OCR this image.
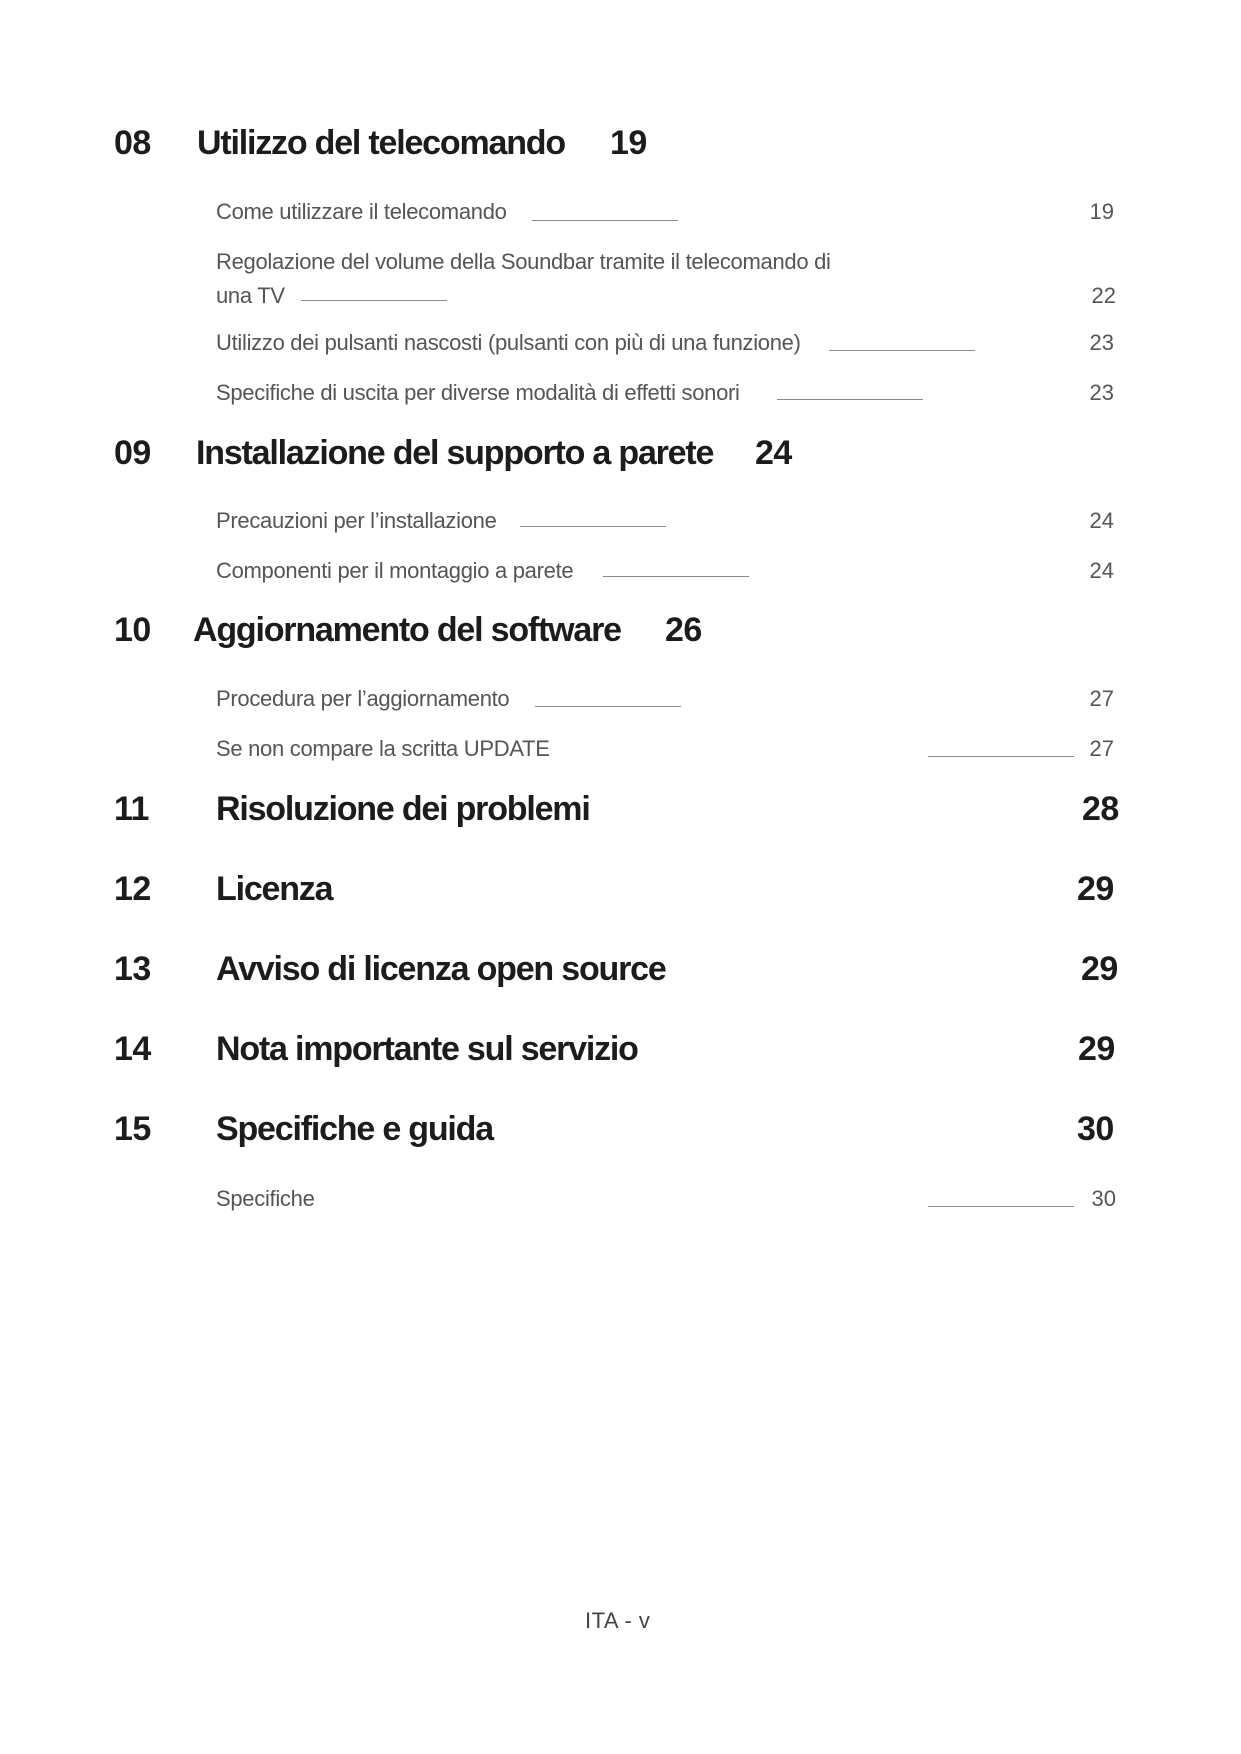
08 Utilizzo del telecomando 19
Come utilizzare il telecomando	19
Regolazione del volume della Soundbar tramite il telecomando di
una TV	22
Utilizzo dei pulsanti nascosti (pulsanti con più di una funzione)	23
Specifiche di uscita per diverse modalità di effetti sonori	23
09 Installazione del supporto a parete 24
Precauzioni per l’installazione	24
Componenti per il montaggio a parete	24
10 Aggiornamento del software 26
Procedura per l’aggiornamento	27
Se non compare la scritta UPDATE	27
11 Risoluzione dei problemi	28
12 Licenza	29
13 Avviso di licenza open source	29
14 Nota importante sul servizio	29
15 Specifiche e guida	30
Specifiche	30
ITA - v
